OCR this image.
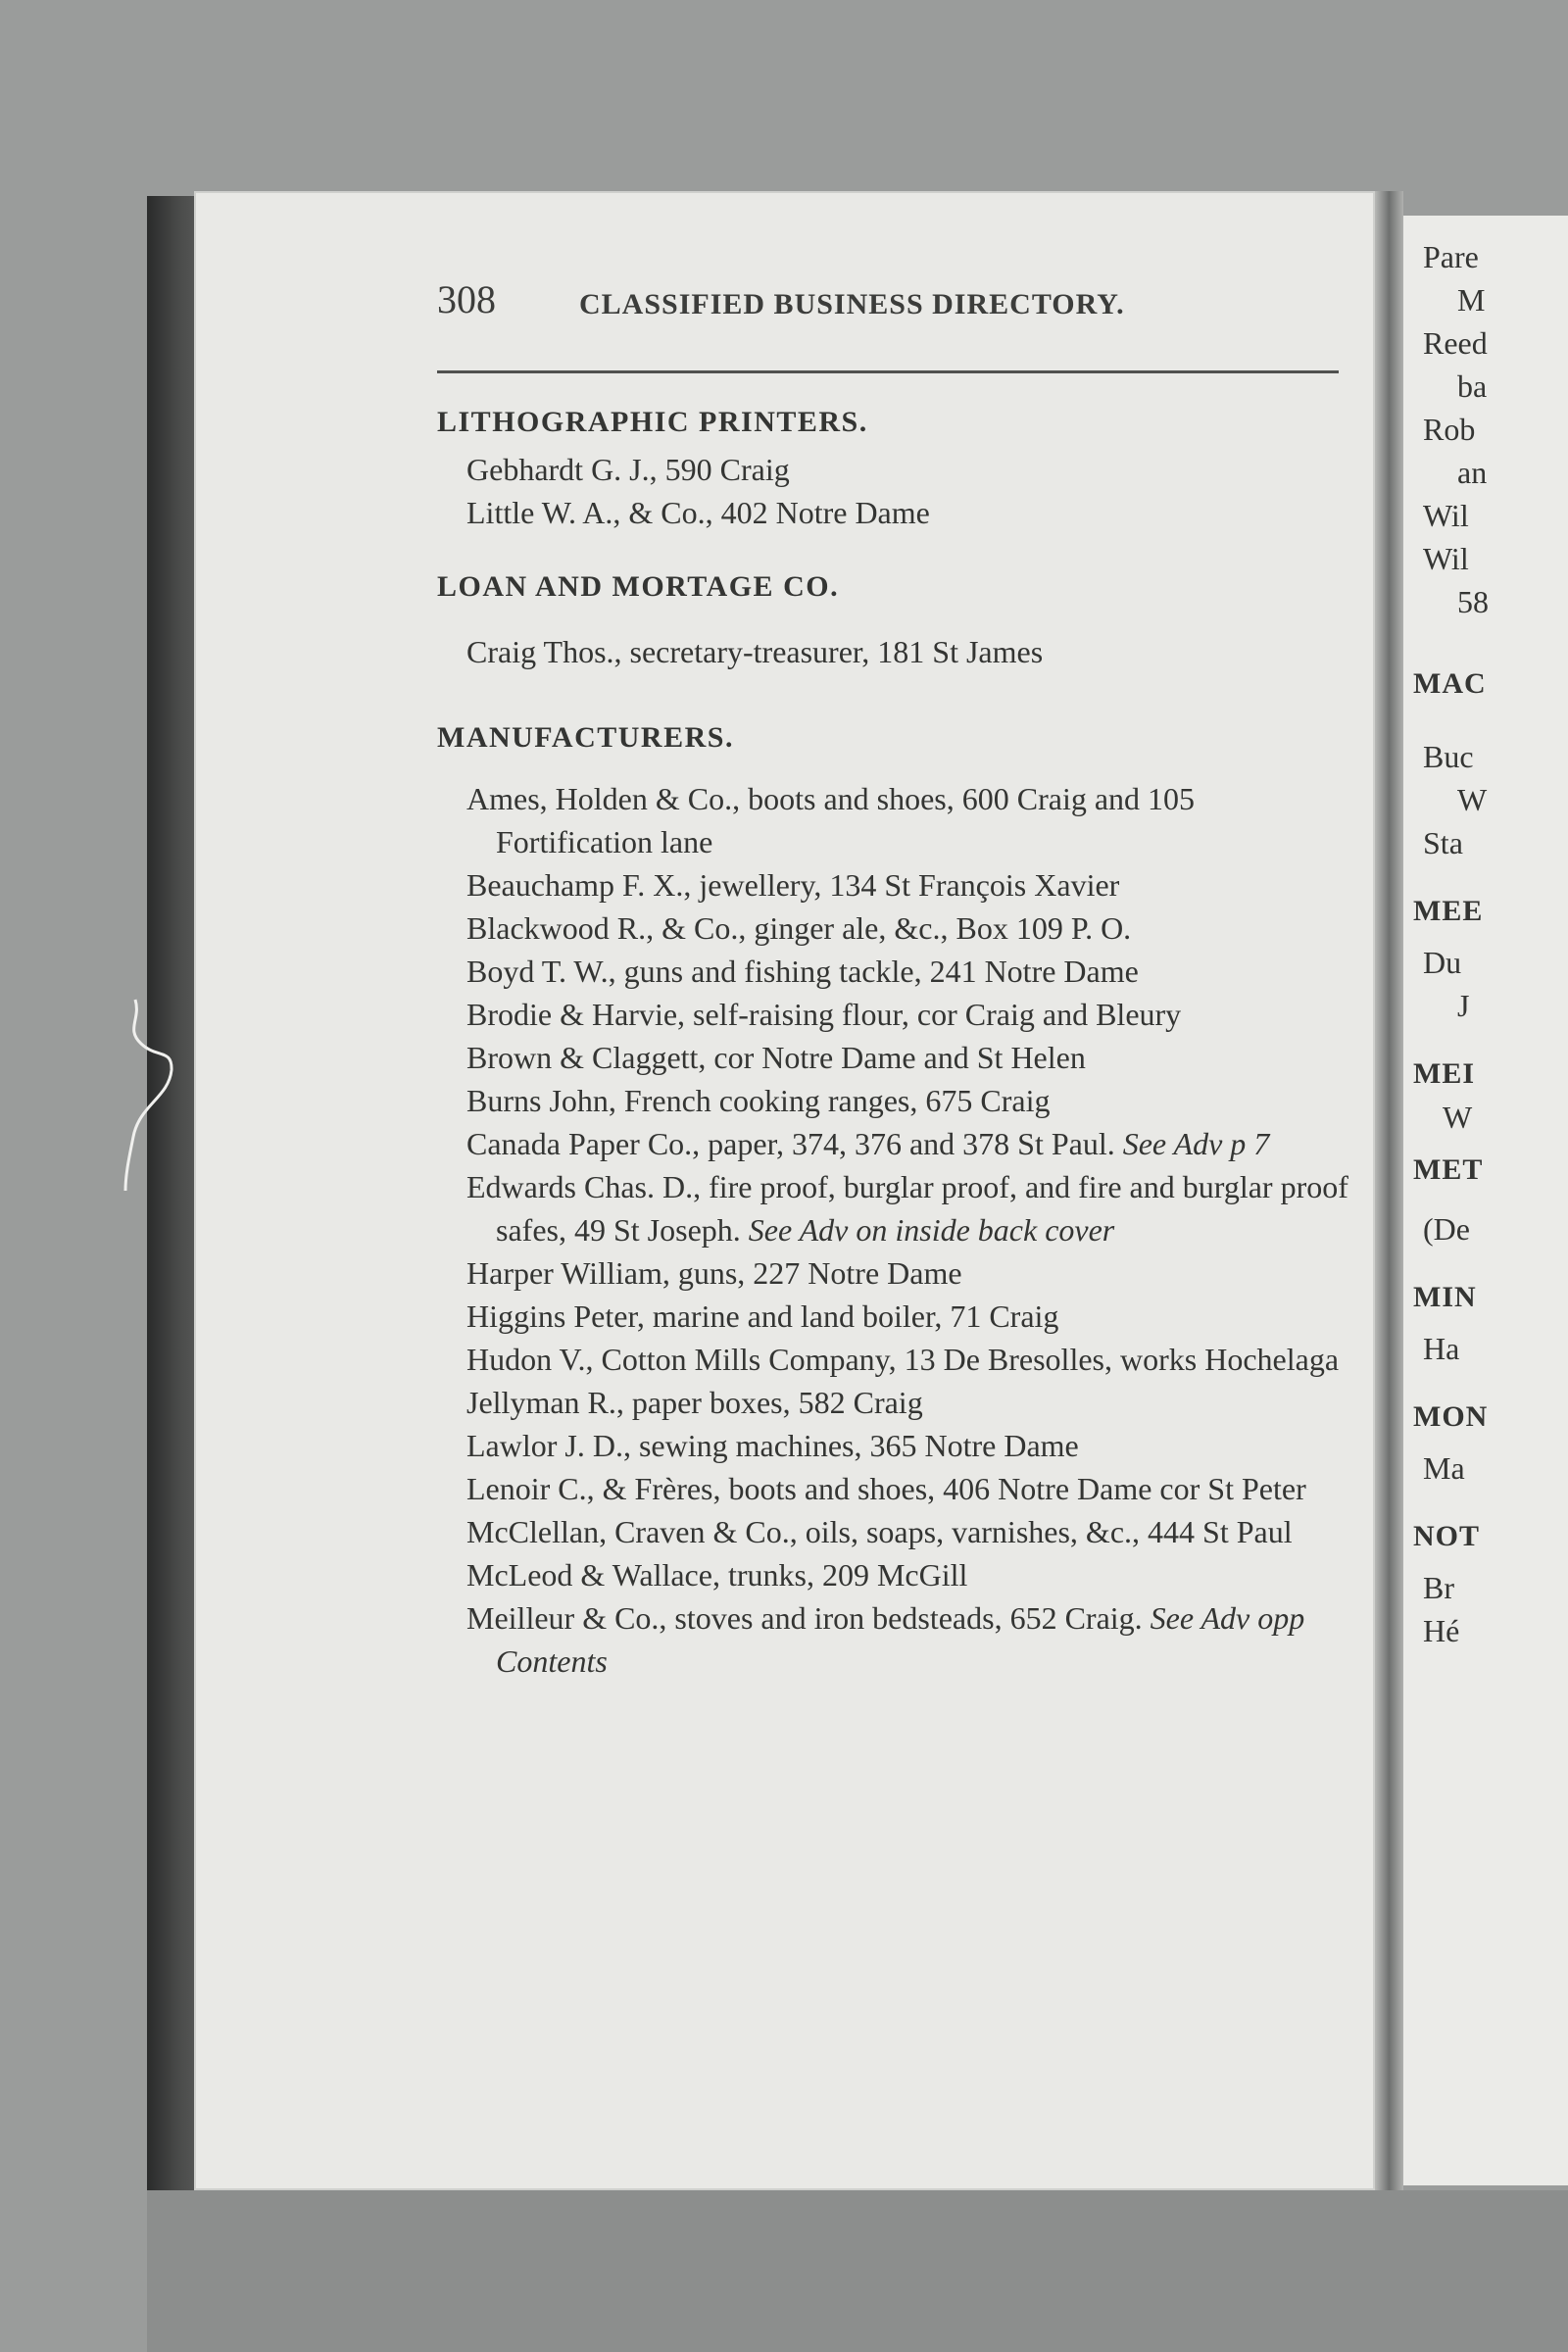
Pare

M

Reed

ba

Rob

an

Wil

Wil

58

MAC

Buc

W

Sta

MEE

Du

J

MEI

W

MET

(De

MIN

Ha

MON

Ma

NOT

Br

Hé

308	CLASSIFIED BUSINESS DIRECTORY.

LITHOGRAPHIC PRINTERS.

Gebhardt G. J., 590 Craig

Little W. A., & Co., 402 Notre Dame

LOAN AND MORTAGE CO.

Craig Thos., secretary-treasurer, 181 St James

MANUFACTURERS.

Ames, Holden & Co., boots and shoes, 600 Craig and 105 Fortification lane

Beauchamp F. X., jewellery, 134 St François Xavier

Blackwood R., & Co., ginger ale, &c., Box 109 P. O.

Boyd T. W., guns and fishing tackle, 241 Notre Dame

Brodie & Harvie, self-raising flour, cor Craig and Bleury

Brown & Claggett, cor Notre Dame and St Helen

Burns John, French cooking ranges, 675 Craig

Canada Paper Co., paper, 374, 376 and 378 St Paul. See Adv p 7

Edwards Chas. D., fire proof, burglar proof, and fire and burglar proof safes, 49 St Joseph. See Adv on inside back cover

Harper William, guns, 227 Notre Dame

Higgins Peter, marine and land boiler, 71 Craig

Hudon V., Cotton Mills Company, 13 De Bresolles, works Hochelaga

Jellyman R., paper boxes, 582 Craig

Lawlor J. D., sewing machines, 365 Notre Dame

Lenoir C., & Frères, boots and shoes, 406 Notre Dame cor St Peter

McClellan, Craven & Co., oils, soaps, varnishes, &c., 444 St Paul

McLeod & Wallace, trunks, 209 McGill

Meilleur & Co., stoves and iron bedsteads, 652 Craig. See Adv opp Contents
